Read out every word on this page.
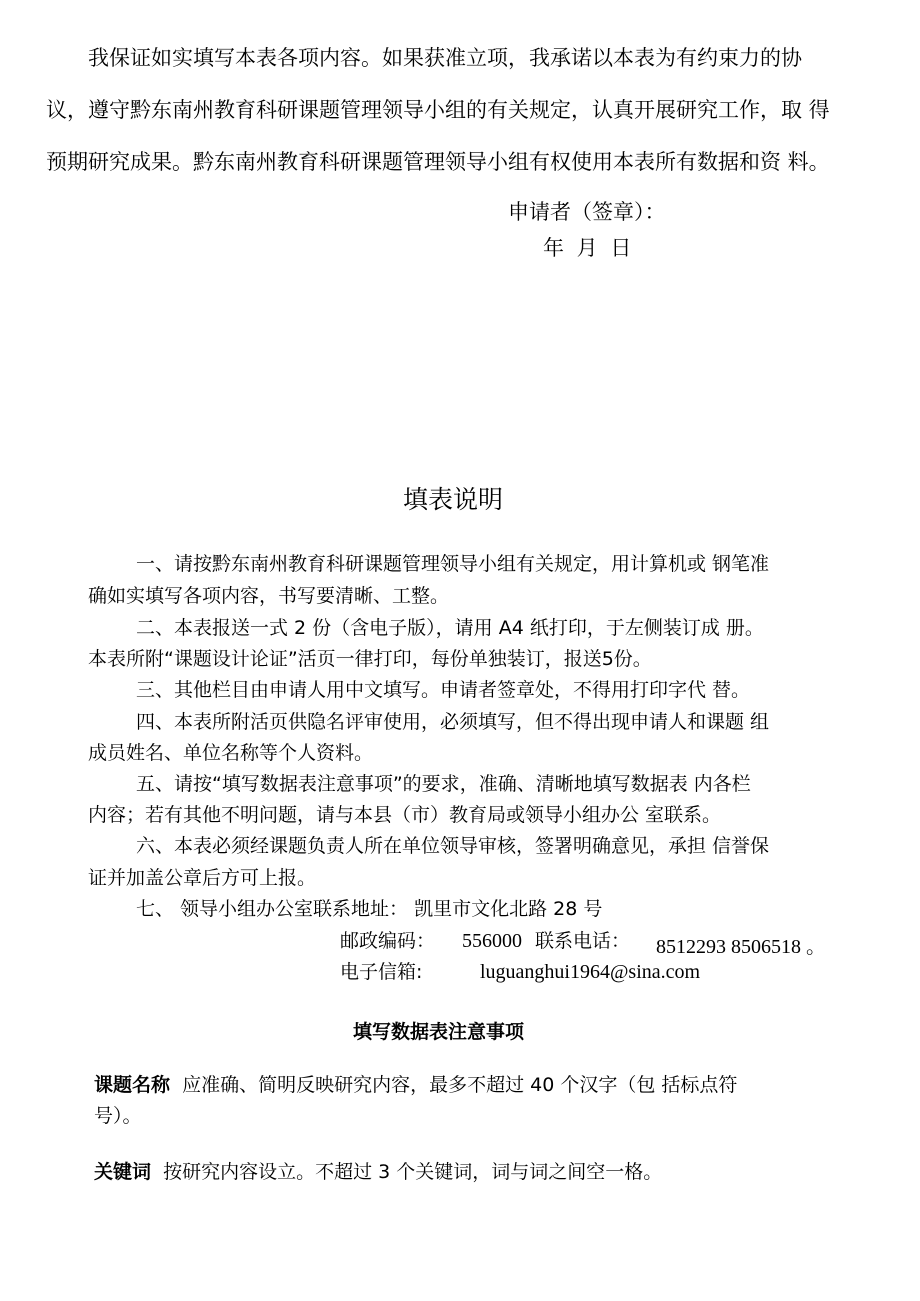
我保证如实填写本表各项内容。如果获准立项，我承诺以本表为有约束力的协
议，遵守黔东南州教育科研课题管理领导小组的有关规定，认真开展研究工作，取 得
预期研究成果。黔东南州教育科研课题管理领导小组有权使用本表所有数据和资 料。
申请者（签章）：
年 月 日
填表说明
一、请按黔东南州教育科研课题管理领导小组有关规定，用计算机或 钢笔准
确如实填写各项内容，书写要清晰、工整。
二、本表报送一式 2 份（含电子版），请用 A4 纸打印，于左侧装订成 册。
本表所附“课题设计论证”活页一律打印，每份单独装订，报送5份。
三、其他栏目由申请人用中文填写。申请者签章处，不得用打印字代 替。
四、本表所附活页供隐名评审使用，必须填写，但不得出现申请人和课题 组
成员姓名、单位名称等个人资料。
五、请按“填写数据表注意事项”的要求，准确、清晰地填写数据表 内各栏
内容；若有其他不明问题，请与本县（市）教育局或领导小组办公 室联系。
六、本表必须经课题负责人所在单位领导审核，签署明确意见，承担 信誉保
证并加盖公章后方可上报。
七、 领导小组办公室联系地址： 凯里市文化北路 28 号
邮政编码： 556000 联系电话： 8512293 8506518 。
电子信箱:	luguanghui1964@sina.com
填写数据表注意事项
课题名称 应准确、简明反映研究内容，最多不超过 40 个汉字（包 括标点符
号）。
关键词 按研究内容设立。不超过 3 个关键词，词与词之间空一格。
